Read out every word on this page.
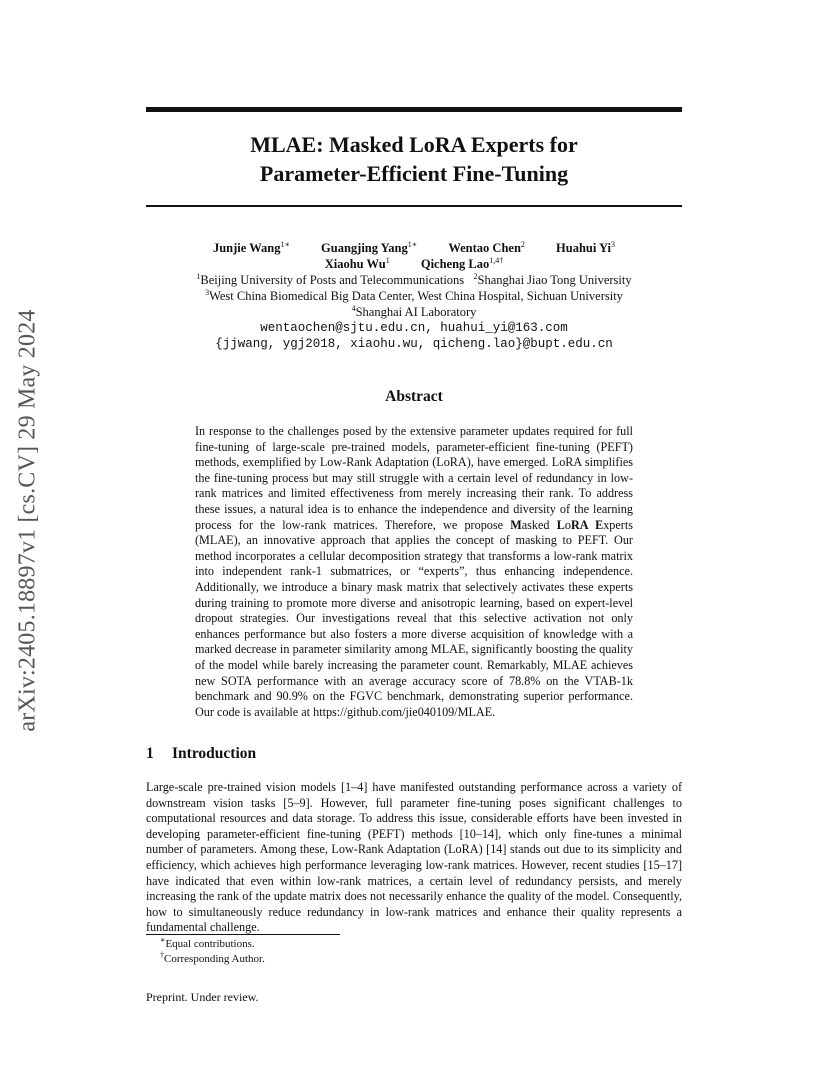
arXiv:2405.18897v1 [cs.CV] 29 May 2024
MLAE: Masked LoRA Experts for
Parameter-Efficient Fine-Tuning
Junjie Wang$^{1∗}$ Guangjing Yang$^{1∗}$ Wentao Chen$^2$ Huahui Yi$^3$
Xiaohu Wu$^1$ Qicheng Lao$^{1,4\dagger}$
$^1$Beijing University of Posts and Telecommunications $^2$Shanghai Jiao Tong University
$^3$West China Biomedical Big Data Center, West China Hospital, Sichuan University
$^4$Shanghai AI Laboratory
wentaochen@sjtu.edu.cn, huahui_yi@163.com
{jjwang, ygj2018, xiaohu.wu, qicheng.lao}@bupt.edu.cn
Abstract
In response to the challenges posed by the extensive parameter updates required for full fine-tuning of large-scale pre-trained models, parameter-efficient fine-tuning (PEFT) methods, exemplified by Low-Rank Adaptation (LoRA), have emerged. LoRA simplifies the fine-tuning process but may still struggle with a certain level of redundancy in low-rank matrices and limited effectiveness from merely increasing their rank. To address these issues, a natural idea is to enhance the independence and diversity of the learning process for the low-rank matrices. Therefore, we propose Masked LoRA Experts (MLAE), an innovative approach that applies the concept of masking to PEFT. Our method incorporates a cellular decomposition strategy that transforms a low-rank matrix into independent rank-1 submatrices, or “experts”, thus enhancing independence. Additionally, we introduce a binary mask matrix that selectively activates these experts during training to promote more diverse and anisotropic learning, based on expert-level dropout strategies. Our investigations reveal that this selective activation not only enhances performance but also fosters a more diverse acquisition of knowledge with a marked decrease in parameter similarity among MLAE, significantly boosting the quality of the model while barely increasing the parameter count. Remarkably, MLAE achieves new SOTA performance with an average accuracy score of 78.8% on the VTAB-1k benchmark and 90.9% on the FGVC benchmark, demonstrating superior performance. Our code is available at https://github.com/jie040109/MLAE.
1 Introduction
Large-scale pre-trained vision models [1–4] have manifested outstanding performance across a variety of downstream vision tasks [5–9]. However, full parameter fine-tuning poses significant challenges to computational resources and data storage. To address this issue, considerable efforts have been invested in developing parameter-efficient fine-tuning (PEFT) methods [10–14], which only fine-tunes a minimal number of parameters. Among these, Low-Rank Adaptation (LoRA) [14] stands out due to its simplicity and efficiency, which achieves high performance leveraging low-rank matrices. However, recent studies [15–17] have indicated that even within low-rank matrices, a certain level of redundancy persists, and merely increasing the rank of the update matrix does not necessarily enhance the quality of the model. Consequently, how to simultaneously reduce redundancy in low-rank matrices and enhance their quality represents a fundamental challenge.
∗Equal contributions.
†Corresponding Author.
Preprint. Under review.
